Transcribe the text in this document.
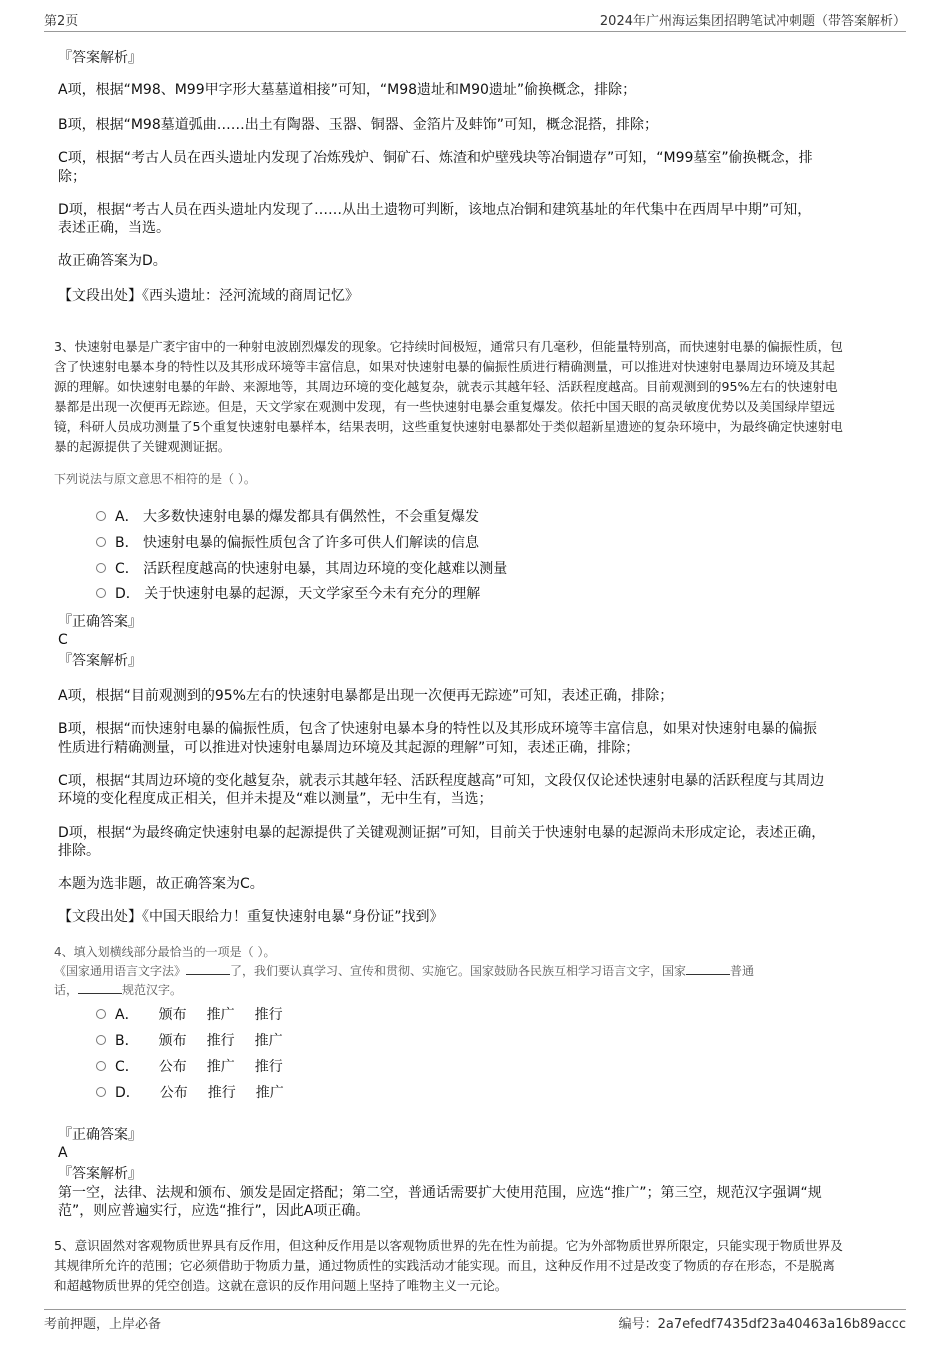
第2页	2024年广州海运集团招聘笔试冲刺题（带答案解析）
『答案解析』
A项，根据“M98、M99甲字形大墓墓道相接”可知，“M98遗址和M90遗址”偷换概念，排除；
B项，根据“M98墓道弧曲……出土有陶器、玉器、铜器、金箔片及蚌饰”可知，概念混搭，排除；
C项，根据“考古人员在西头遗址内发现了冶炼残炉、铜矿石、炼渣和炉壁残块等冶铜遗存”可知，“M99墓室”偷换概念，排
除；
D项，根据“考古人员在西头遗址内发现了……从出土遗物可判断，该地点冶铜和建筑基址的年代集中在西周早中期”可知，
表述正确，当选。
故正确答案为D。
【文段出处】《西头遗址：泾河流域的商周记忆》
3、快速射电暴是广袤宇宙中的一种射电波剧烈爆发的现象。它持续时间极短，通常只有几毫秒，但能量特别高，而快速射电暴的偏振性质，包
含了快速射电暴本身的特性以及其形成环境等丰富信息，如果对快速射电暴的偏振性质进行精确测量，可以推进对快速射电暴周边环境及其起
源的理解。如快速射电暴的年龄、来源地等，其周边环境的变化越复杂，就表示其越年轻、活跃程度越高。目前观测到的95%左右的快速射电
暴都是出现一次便再无踪迹。但是，天文学家在观测中发现，有一些快速射电暴会重复爆发。依托中国天眼的高灵敏度优势以及美国绿岸望远
镜，科研人员成功测量了5个重复快速射电暴样本，结果表明，这些重复快速射电暴都处于类似超新星遗迹的复杂环境中，为最终确定快速射电
暴的起源提供了关键观测证据。
下列说法与原文意思不相符的是（ ）。
A． 大多数快速射电暴的爆发都具有偶然性，不会重复爆发
B． 快速射电暴的偏振性质包含了许多可供人们解读的信息
C． 活跃程度越高的快速射电暴，其周边环境的变化越难以测量
D． 关于快速射电暴的起源，天文学家至今未有充分的理解
『正确答案』
C
『答案解析』
A项，根据“目前观测到的95%左右的快速射电暴都是出现一次便再无踪迹”可知，表述正确，排除；
B项，根据“而快速射电暴的偏振性质，包含了快速射电暴本身的特性以及其形成环境等丰富信息，如果对快速射电暴的偏振
性质进行精确测量，可以推进对快速射电暴周边环境及其起源的理解”可知，表述正确，排除；
C项，根据“其周边环境的变化越复杂，就表示其越年轻、活跃程度越高”可知，文段仅仅论述快速射电暴的活跃程度与其周边
环境的变化程度成正相关，但并未提及“难以测量”，无中生有，当选；
D项，根据“为最终确定快速射电暴的起源提供了关键观测证据”可知，目前关于快速射电暴的起源尚未形成定论，表述正确，
排除。
本题为选非题，故正确答案为C。
【文段出处】《中国天眼给力！重复快速射电暴“身份证”找到》
4、填入划横线部分最恰当的一项是（ ）。
《国家通用语言文字法》	了，我们要认真学习、宣传和贯彻、实施它。国家鼓励各民族互相学习语言文字，国家	普通
话，	规范汉字。
A． 颁布 推广 推行
B． 颁布 推行 推广
C． 公布 推广 推行
D． 公布 推行 推广
『正确答案』
A
『答案解析』
第一空，法律、法规和颁布、颁发是固定搭配；第二空，普通话需要扩大使用范围，应选“推广”；第三空，规范汉字强调“规
范”，则应普遍实行，应选“推行”，因此A项正确。
5、意识固然对客观物质世界具有反作用，但这种反作用是以客观物质世界的先在性为前提。它为外部物质世界所限定，只能实现于物质世界及
其规律所允许的范围；它必须借助于物质力量，通过物质性的实践活动才能实现。而且，这种反作用不过是改变了物质的存在形态，不是脱离
和超越物质世界的凭空创造。这就在意识的反作用问题上坚持了唯物主义一元论。
考前押题，上岸必备	编号：2a7efedf7435df23a40463a16b89accc
